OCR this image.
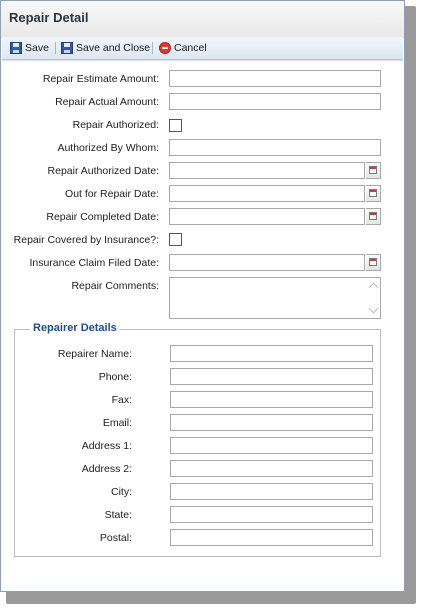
Repair Detail
Save	Save and Close Cancel
Repair Estimate Amount:
Repair Actual Amount:
Repair Authorized:
Authorized By Whom:
Repair Authorized Date:
Out for Repair Date:
Repair Completed Date:
Repair Covered by Insurance?:
Insurance Claim Filed Date:
Repair Comments:
Repairer Details
Repairer Name:
Phone:
Fax:
Email:
Address 1:
Address 2:
City:
State:
Postal:
